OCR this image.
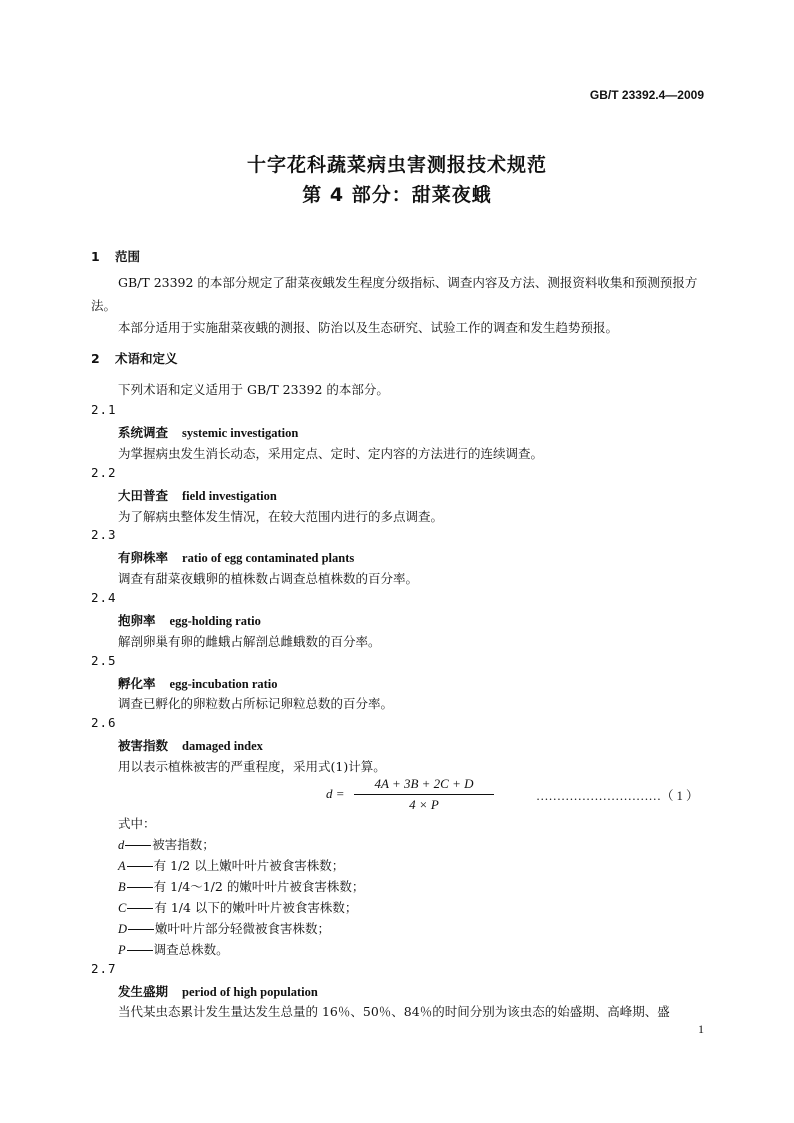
GB/T 23392.4—2009
十字花科蔬菜病虫害测报技术规范
第 4 部分：甜菜夜蛾
1 范围
GB/T 23392 的本部分规定了甜菜夜蛾发生程度分级指标、调查内容及方法、测报资料收集和预测预报方法。
本部分适用于实施甜菜夜蛾的测报、防治以及生态研究、试验工作的调查和发生趋势预报。
2 术语和定义
下列术语和定义适用于 GB/T 23392 的本部分。
2.1
系统调查 systemic investigation
为掌握病虫发生消长动态，采用定点、定时、定内容的方法进行的连续调查。
2.2
大田普查 field investigation
为了解病虫整体发生情况，在较大范围内进行的多点调查。
2.3
有卵株率 ratio of egg contaminated plants
调查有甜菜夜蛾卵的植株数占调查总植株数的百分率。
2.4
抱卵率 egg-holding ratio
解剖卵巢有卵的雌蛾占解剖总雌蛾数的百分率。
2.5
孵化率 egg-incubation ratio
调查已孵化的卵粒数占所标记卵粒总数的百分率。
2.6
被害指数 damaged index
用以表示植株被害的严重程度，采用式(1)计算。
d =
4A + 3B + 2C + D
4 × P
…………………………（ 1 ）
式中：
d 被害指数；
A 有 1/2 以上嫩叶叶片被食害株数；
B 有 1/4～1/2 的嫩叶叶片被食害株数；
C 有 1/4 以下的嫩叶叶片被食害株数；
D 嫩叶叶片部分轻微被食害株数；
P 调查总株数。
2.7
发生盛期 period of high population
当代某虫态累计发生量达发生总量的 16％、50％、84％的时间分别为该虫态的始盛期、高峰期、盛
1
